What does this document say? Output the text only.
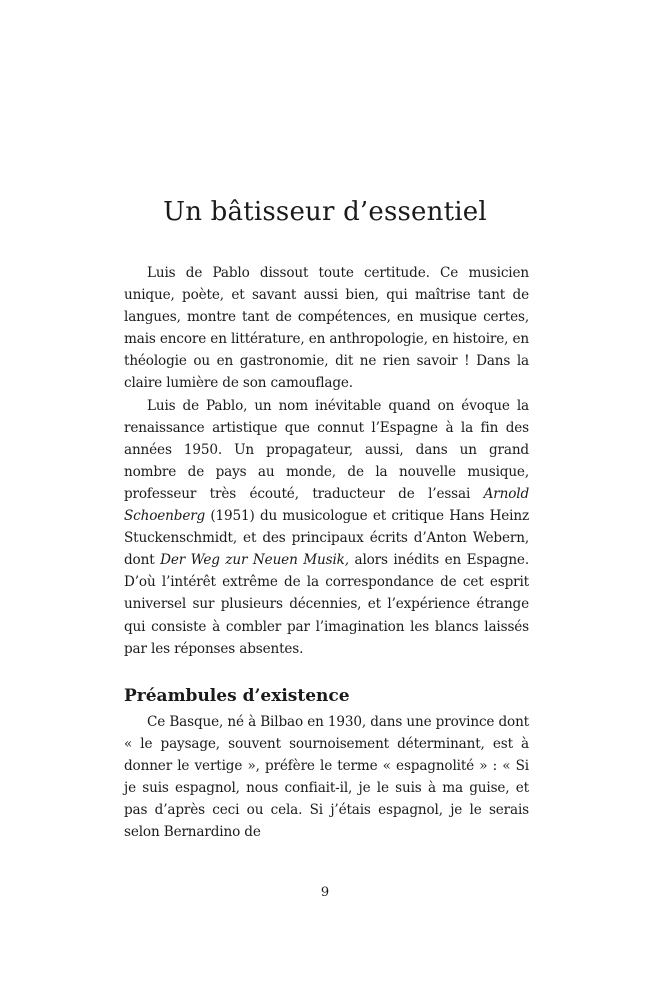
Un bâtisseur d’essentiel

Luis de Pablo dissout toute certitude. Ce musicien unique, poète, et savant aussi bien, qui maîtrise tant de langues, montre tant de compétences, en musique certes, mais encore en littérature, en anthropologie, en histoire, en théologie ou en gastronomie, dit ne rien savoir ! Dans la claire lumière de son camouflage.

Luis de Pablo, un nom inévitable quand on évoque la renaissance artistique que connut l’Espagne à la fin des années 1950. Un propagateur, aussi, dans un grand nombre de pays au monde, de la nouvelle musique, professeur très écouté, traducteur de l’essai Arnold Schoenberg (1951) du musicologue et critique Hans Heinz Stuckenschmidt, et des principaux écrits d’Anton Webern, dont Der Weg zur Neuen Musik, alors inédits en Espagne. D’où l’intérêt extrême de la correspondance de cet esprit universel sur plusieurs décennies, et l’expérience étrange qui consiste à combler par l’imagination les blancs laissés par les réponses absentes.

Préambules d’existence

Ce Basque, né à Bilbao en 1930, dans une province dont « le paysage, souvent sournoisement déterminant, est à donner le vertige », préfère le terme « espagnolité » : « Si je suis espagnol, nous confiait-il, je le suis à ma guise, et pas d’après ceci ou cela. Si j’étais espagnol, je le serais selon Bernardino de

9
